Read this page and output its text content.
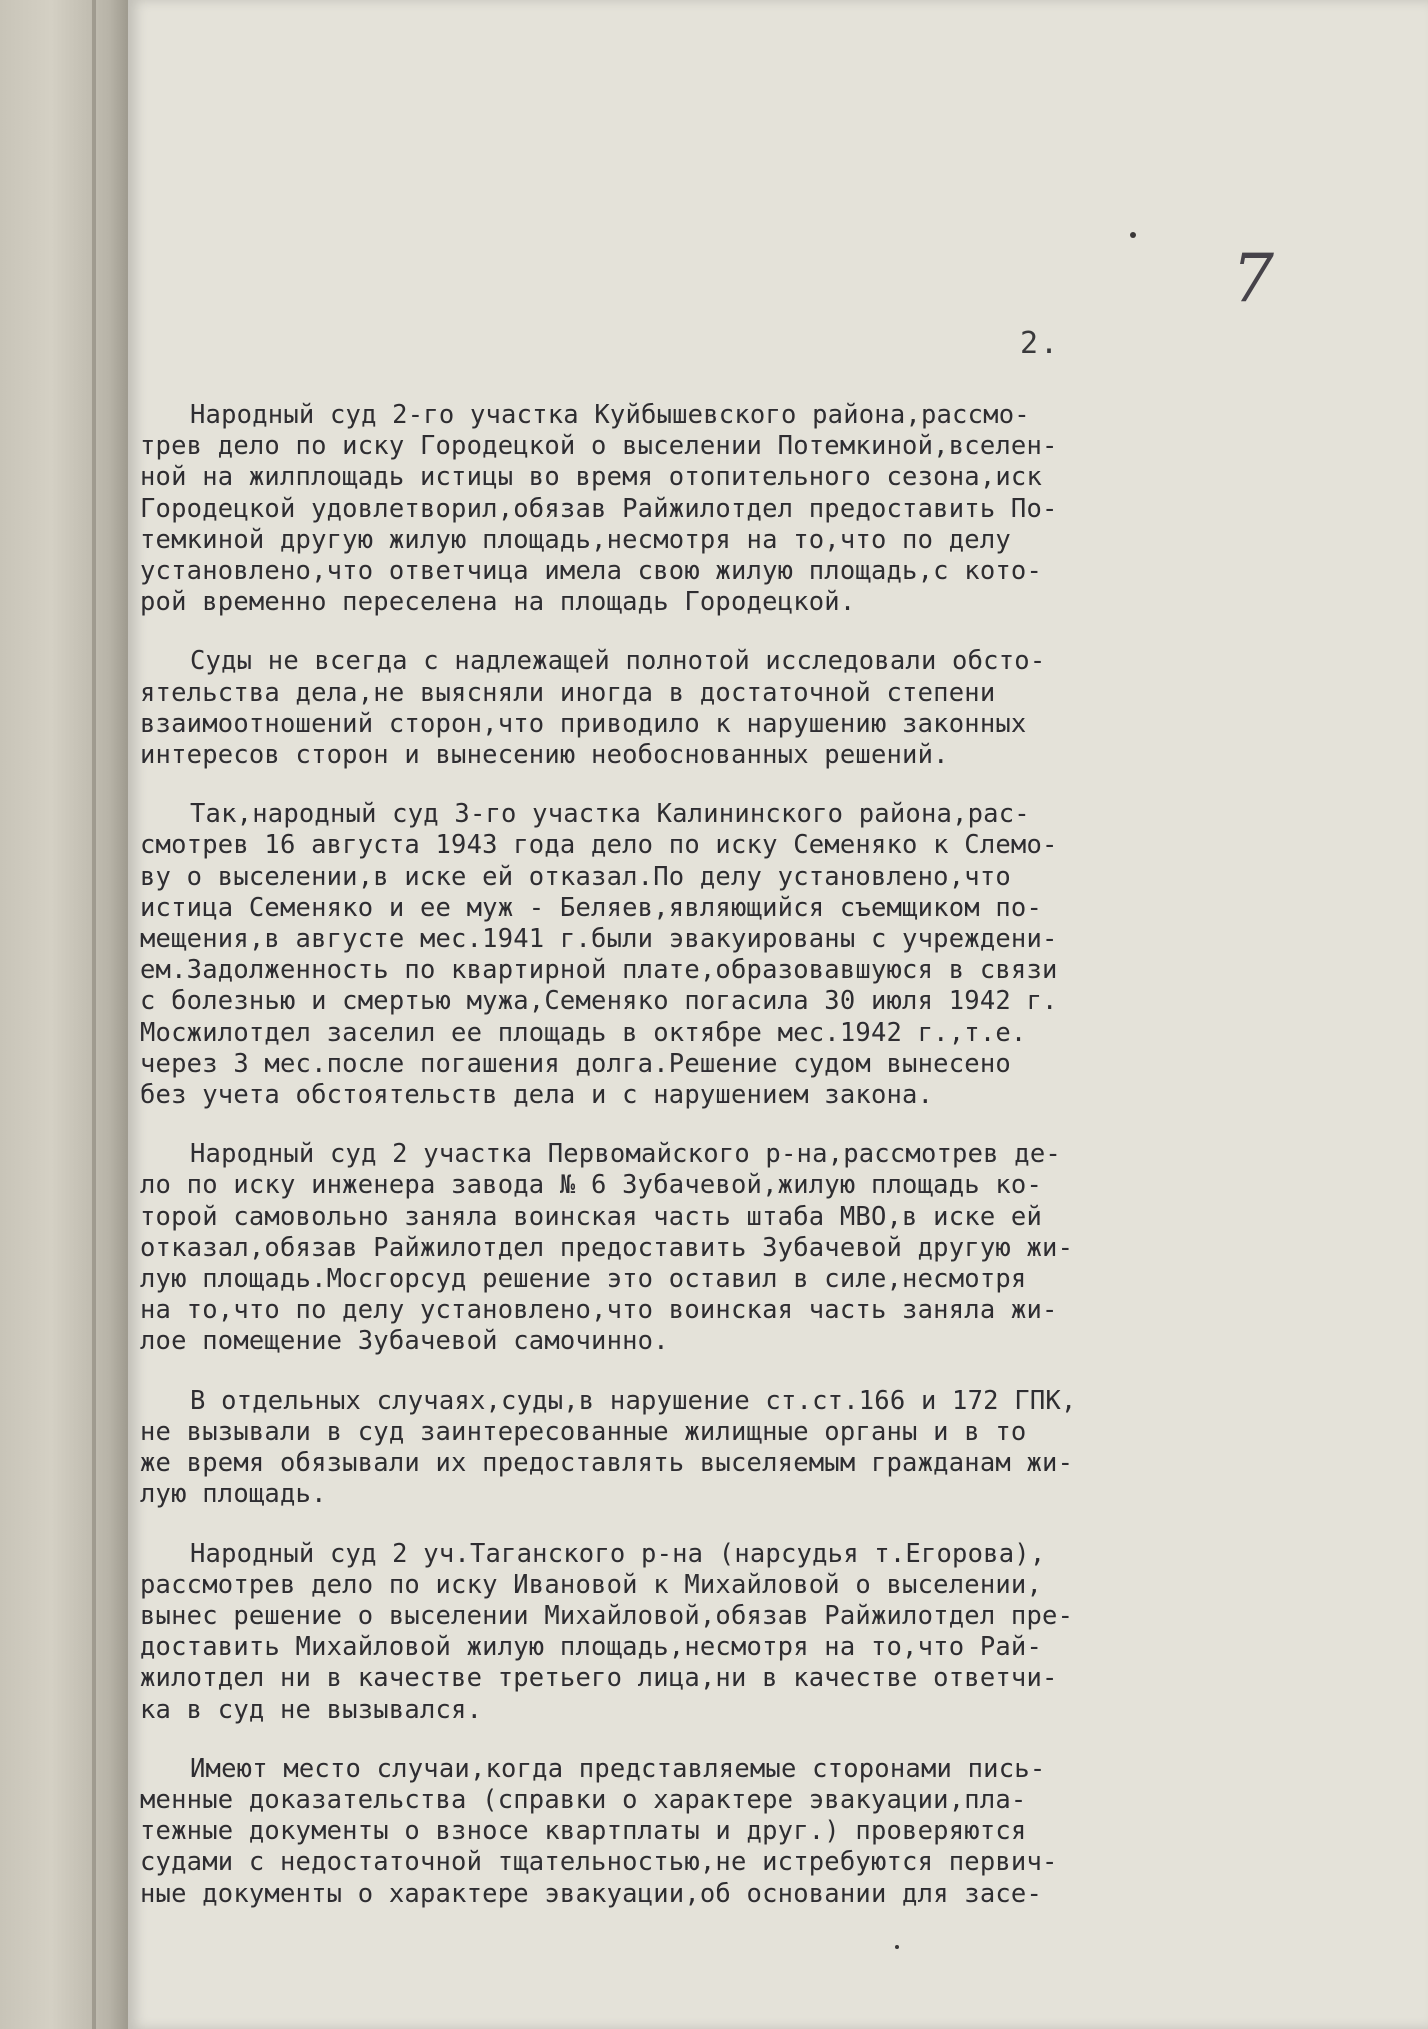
7
2.
Народный суд 2-го участка Куйбышевского района,рассмо-
трев дело по иску Городецкой о выселении Потемкиной,вселен-
ной на жилплощадь истицы во время отопительного сезона,иск
Городецкой удовлетворил,обязав Райжилотдел предоставить По-
темкиной другую жилую площадь,несмотря на то,что по делу
установлено,что ответчица имела свою жилую площадь,с кото-
рой временно переселена на площадь Городецкой.
Суды не всегда с надлежащей полнотой исследовали обсто-
ятельства дела,не выясняли иногда в достаточной степени
взаимоотношений сторон,что приводило к нарушению законных
интересов сторон и вынесению необоснованных решений.
Так,народный суд 3-го участка Калининского района,рас-
смотрев 16 августа 1943 года дело по иску Семеняко к Слемо-
ву о выселении,в иске ей отказал.По делу установлено,что
истица Семеняко и ее муж - Беляев,являющийся съемщиком по-
мещения,в августе мес.1941 г.были эвакуированы с учреждени-
ем.Задолженность по квартирной плате,образовавшуюся в связи
с болезнью и смертью мужа,Семеняко погасила 30 июля 1942 г.
Мосжилотдел заселил ее площадь в октябре мес.1942 г.,т.е.
через 3 мес.после погашения долга.Решение судом вынесено
без учета обстоятельств дела и с нарушением закона.
Народный суд 2 участка Первомайского р-на,рассмотрев де-
ло по иску инженера завода № 6 Зубачевой,жилую площадь ко-
торой самовольно заняла воинская часть штаба МВО,в иске ей
отказал,обязав Райжилотдел предоставить Зубачевой другую жи-
лую площадь.Мосгорсуд решение это оставил в силе,несмотря
на то,что по делу установлено,что воинская часть заняла жи-
лое помещение Зубачевой самочинно.
В отдельных случаях,суды,в нарушение ст.ст.166 и 172 ГПК,
не вызывали в суд заинтересованные жилищные органы и в то
же время обязывали их предоставлять выселяемым гражданам жи-
лую площадь.
Народный суд 2 уч.Таганского р-на (нарсудья т.Егорова),
рассмотрев дело по иску Ивановой к Михайловой о выселении,
вынес решение о выселении Михайловой,обязав Райжилотдел пре-
доставить Михайловой жилую площадь,несмотря на то,что Рай-
жилотдел ни в качестве третьего лица,ни в качестве ответчи-
ка в суд не вызывался.
Имеют место случаи,когда представляемые сторонами пись-
менные доказательства (справки о характере эвакуации,пла-
тежные документы о взносе квартплаты и друг.) проверяются
судами с недостаточной тщательностью,не истребуются первич-
ные документы о характере эвакуации,об основании для засе-
